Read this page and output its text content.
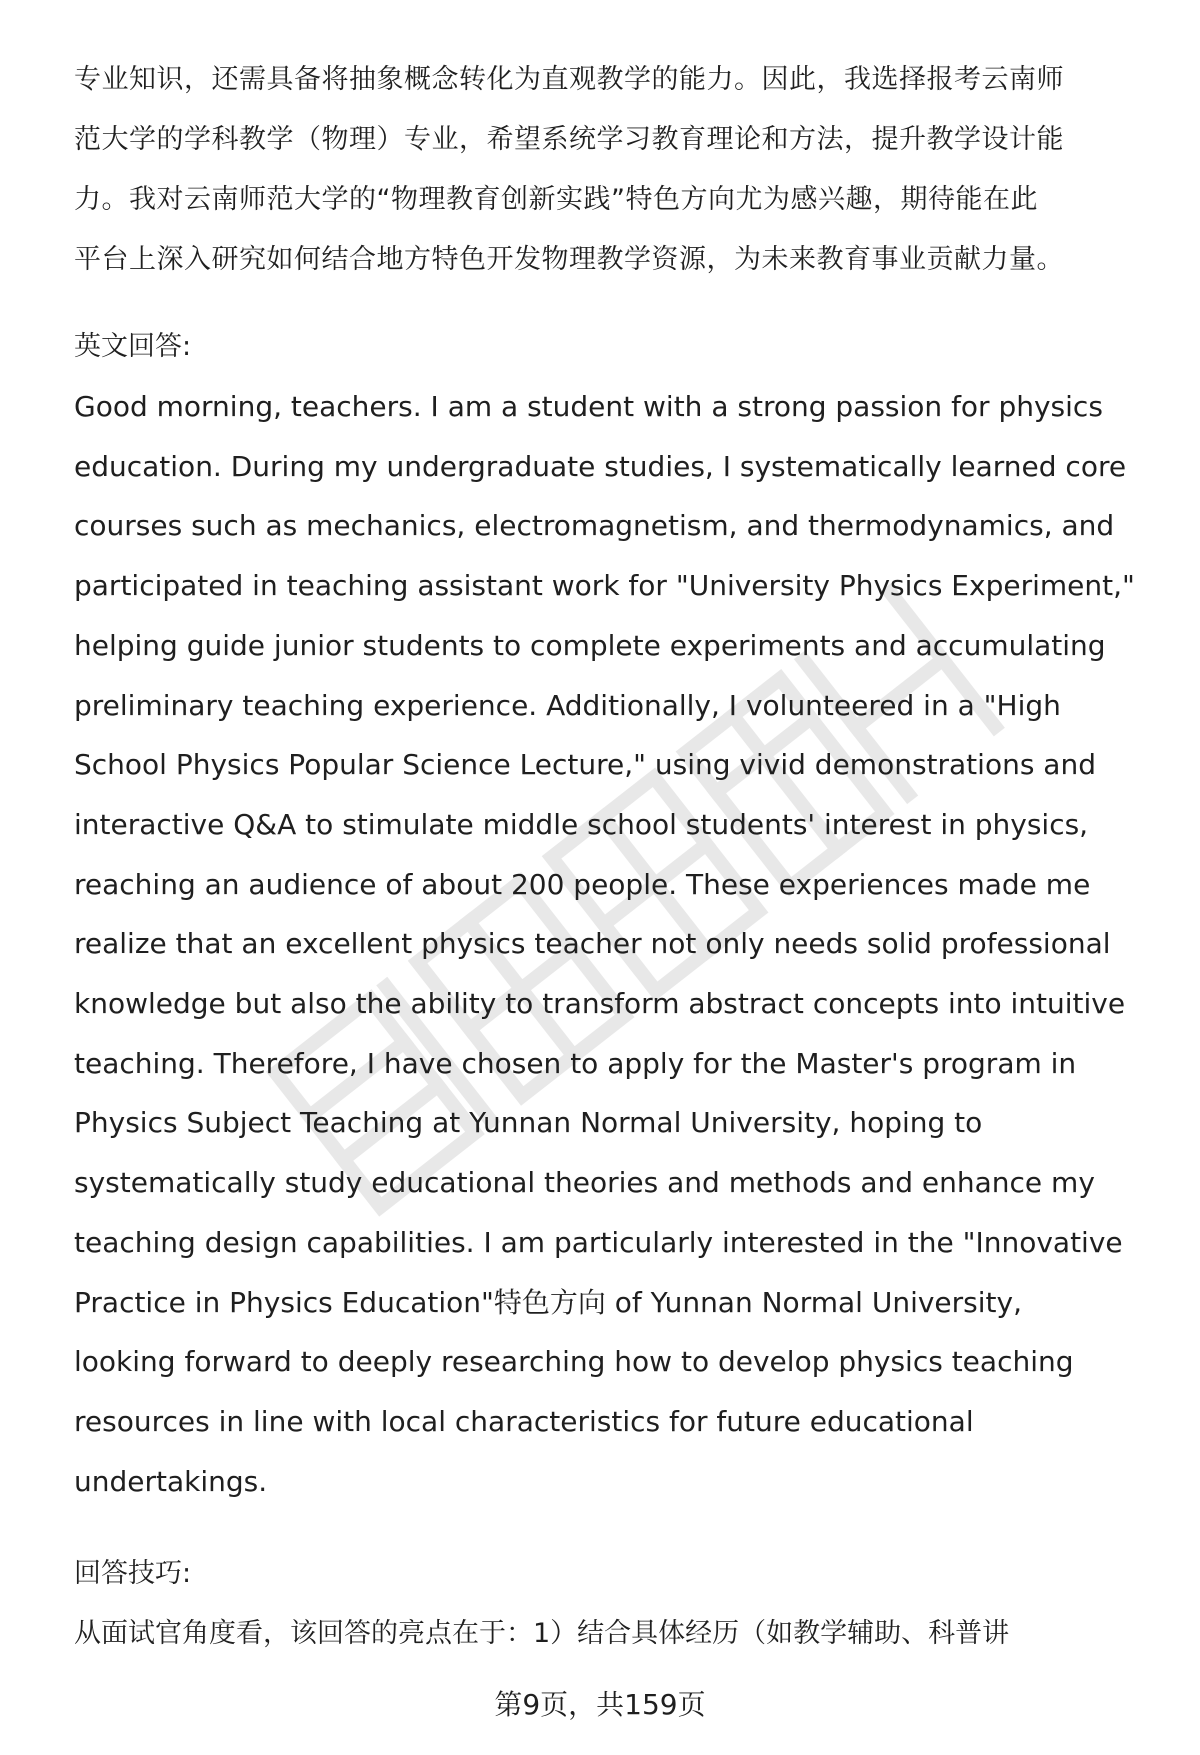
专业知识，还需具备将抽象概念转化为直观教学的能力。因此，我选择报考云南师
范大学的学科教学（物理）专业，希望系统学习教育理论和方法，提升教学设计能
力。我对云南师范大学的“物理教育创新实践”特色方向尤为感兴趣，期待能在此
平台上深入研究如何结合地方特色开发物理教学资源，为未来教育事业贡献力量。
英文回答:
Good morning, teachers. I am a student with a strong passion for physics
education. During my undergraduate studies, I systematically learned core
courses such as mechanics, electromagnetism, and thermodynamics, and
participated in teaching assistant work for "University Physics Experiment,"
helping guide junior students to complete experiments and accumulating
preliminary teaching experience. Additionally, I volunteered in a "High
School Physics Popular Science Lecture," using vivid demonstrations and
interactive Q&A to stimulate middle school students' interest in physics,
reaching an audience of about 200 people. These experiences made me
realize that an excellent physics teacher not only needs solid professional
knowledge but also the ability to transform abstract concepts into intuitive
teaching. Therefore, I have chosen to apply for the Master's program in
Physics Subject Teaching at Yunnan Normal University, hoping to
systematically study educational theories and methods and enhance my
teaching design capabilities. I am particularly interested in the "Innovative
Practice in Physics Education"特色方向 of Yunnan Normal University,
looking forward to deeply researching how to develop physics teaching
resources in line with local characteristics for future educational
undertakings.
回答技巧:
从面试官角度看，该回答的亮点在于：1）结合具体经历（如教学辅助、科普讲
第9页，共159页
